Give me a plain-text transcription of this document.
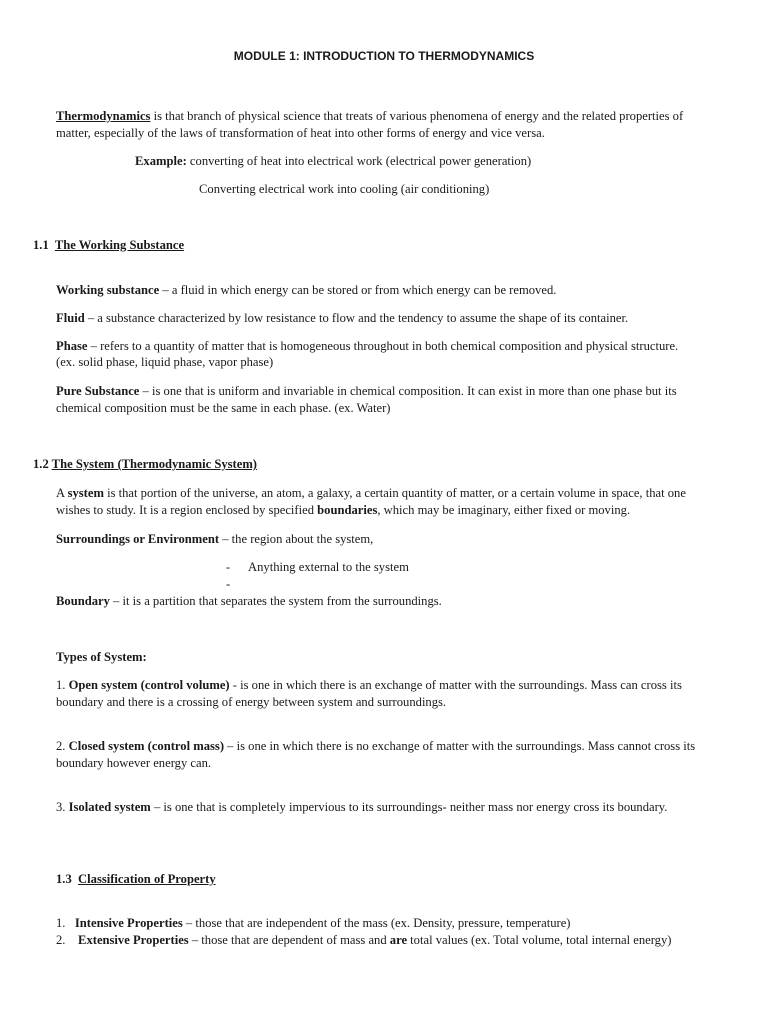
MODULE 1: INTRODUCTION TO THERMODYNAMICS
Thermodynamics is that branch of physical science that treats of various phenomena of energy and the related properties of
matter, especially of the laws of transformation of heat into other forms of energy and vice versa.
Example: converting of heat into electrical work (electrical power generation)
Converting electrical work into cooling (air conditioning)
1.1 The Working Substance
Working substance – a fluid in which energy can be stored or from which energy can be removed.
Fluid – a substance characterized by low resistance to flow and the tendency to assume the shape of its container.
Phase – refers to a quantity of matter that is homogeneous throughout in both chemical composition and physical structure.
(ex. solid phase, liquid phase, vapor phase)
Pure Substance – is one that is uniform and invariable in chemical composition. It can exist in more than one phase but its
chemical composition must be the same in each phase. (ex. Water)
1.2 The System (Thermodynamic System)
A system is that portion of the universe, an atom, a galaxy, a certain quantity of matter, or a certain volume in space, that one
wishes to study. It is a region enclosed by specified boundaries, which may be imaginary, either fixed or moving.
Surroundings or Environment – the region about the system,
- Anything external to the system
-
Boundary – it is a partition that separates the system from the surroundings.
Types of System:
1. Open system (control volume) - is one in which there is an exchange of matter with the surroundings. Mass can cross its
boundary and there is a crossing of energy between system and surroundings.
2. Closed system (control mass) – is one in which there is no exchange of matter with the surroundings. Mass cannot cross its
boundary however energy can.
3. Isolated system – is one that is completely impervious to its surroundings- neither mass nor energy cross its boundary.
1.3 Classification of Property
1. Intensive Properties – those that are independent of the mass (ex. Density, pressure, temperature)
2. Extensive Properties – those that are dependent of mass and are total values (ex. Total volume, total internal energy)
